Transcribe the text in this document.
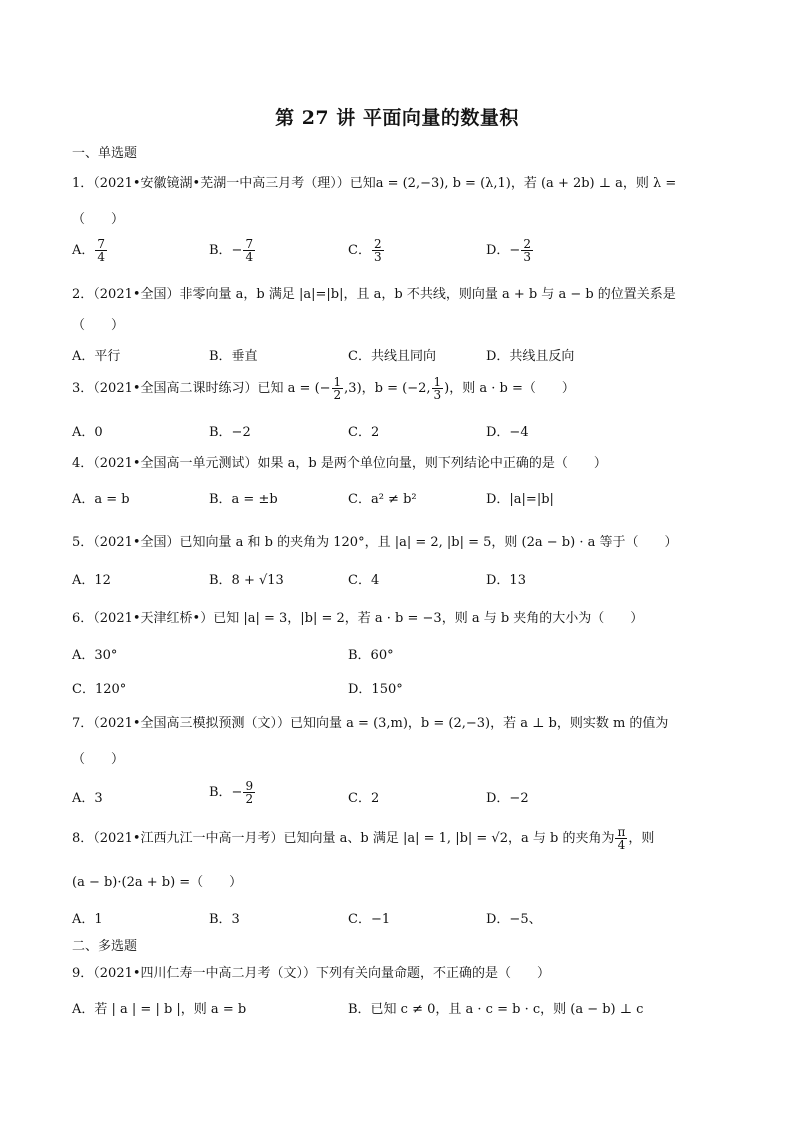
第 27 讲 平面向量的数量积
一、单选题
1．（2021•安徽镜湖•芜湖一中高三月考（理））已知a = (2,−3), b = (λ,1)，若 (a + 2b) ⊥ a，则 λ =
（　　）
A． $\frac{7}{4}$	B．− $\frac{7}{4}$	C． $\frac{2}{3}$	D．− $\frac{2}{3}$
2．（2021•全国）非零向量 a，b 满足 |a|=|b|，且 a，b 不共线，则向量 a + b 与 a − b 的位置关系是
（　　）
A．平行	B．垂直	C．共线且同向	D．共线且反向
3．（2021•全国高二课时练习）已知 a = (− $\frac{1}{2} ,3$)，b = (−2, $\frac{1}{3}$ )，则 a · b =（　　）
A．0	B．−2	C．2	D．−4
4．（2021•全国高一单元测试）如果 a，b 是两个单位向量，则下列结论中正确的是（　　）
A．a = b	B．a = ±b	C．a² ≠ b²	D．|a|=|b|
5．（2021•全国）已知向量 a 和 b 的夹角为 120°，且 |a| = 2, |b| = 5，则 (2a − b) · a 等于（　　）
A．12	B．8 + √13	C．4	D．13
6．（2021•天津红桥•）已知 |a| = 3，|b| = 2，若 a · b = −3，则 a 与 b 夹角的大小为（　　）
A．30°	B．60°
C．120°	D．150°
7．（2021•全国高三模拟预测（文））已知向量 a = (3,m)，b = (2,−3)，若 a ⊥ b，则实数 m 的值为
（　　）
A．3	B．− $\frac{9}{2}$	C．2	D．−2
8．（2021•江西九江一中高一月考）已知向量 a、b 满足 |a| = 1, |b| = √2，a 与 b 的夹角为 $\frac{\pi}{4}$ ，则
(a − b)·(2a + b) =（　　）
A．1	B．3	C．−1	D．−5、
二、多选题
9．（2021•四川仁寿一中高二月考（文））下列有关向量命题，不正确的是（　　）
A．若 | a | = | b |，则 a = b	B．已知 c ≠ 0，且 a · c = b · c，则 (a − b) ⊥ c
